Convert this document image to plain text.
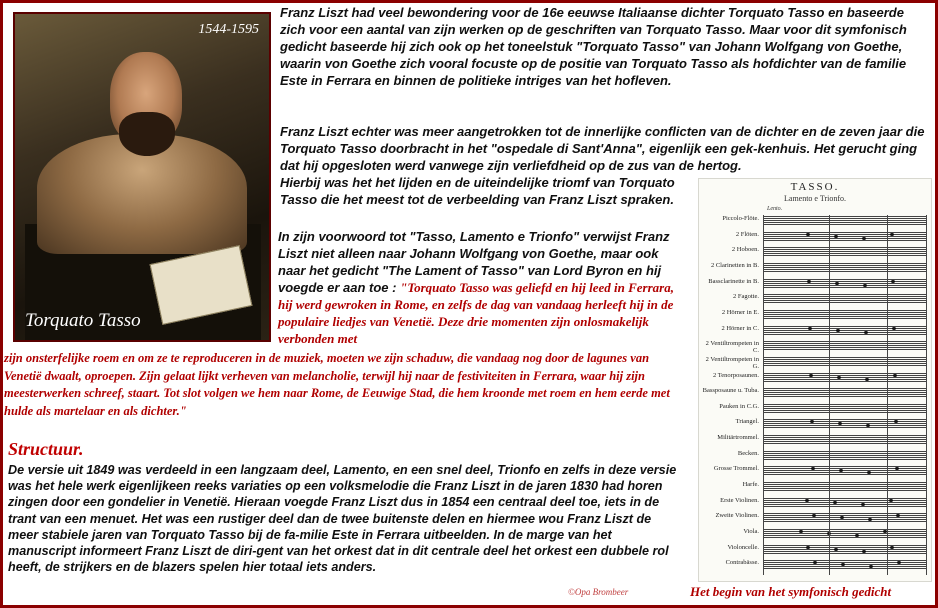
1544-1595
Torquato Tasso

Franz Liszt had veel bewondering voor de 16e eeuwse Italiaanse dichter Torquato Tasso en baseerde zich voor een aantal van zijn werken op de geschriften van Torquato Tasso. Maar voor dit symfonisch gedicht baseerde hij zich ook op het toneelstuk "Torquato Tasso" van Johann Wolfgang von Goethe, waarin von Goethe zich vooral focuste op de positie van Torquato Tasso als hofdichter van de familie Este in Ferrara en binnen de politieke intriges van het hofleven.

Franz Liszt echter was meer aangetrokken tot de innerlijke conflicten van de dichter en de zeven jaar die Torquato Tasso doorbracht in het "ospedale di Sant'Anna", eigenlijk een gek-kenhuis. Het gerucht ging dat hij opgesloten werd vanwege zijn verliefdheid op de zus van de hertog.
Hierbij was het het lijden en de uiteindelijke triomf van Torquato Tasso die het meest tot de verbeelding van Franz Liszt spraken.

In zijn voorwoord tot "Tasso, Lamento e Trionfo" verwijst Franz Liszt niet alleen naar Johann Wolfgang von Goethe, maar ook naar het gedicht "The Lament of Tasso" van Lord Byron en hij voegde er aan toe : "Torquato Tasso was geliefd en hij leed in Ferrara, hij werd gewroken in Rome, en zelfs de dag van vandaag herleeft hij in de populaire liedjes van Venetië. Deze drie momenten zijn onlosmakelijk verbonden met

zijn onsterfelijke roem en om ze te reproduceren in de muziek, moeten we zijn schaduw, die vandaag nog door de lagunes van Venetië dwaalt, oproepen. Zijn gelaat lijkt verheven van melancholie, terwijl hij naar de festiviteiten in Ferrara, waar hij zijn meesterwerken schreef, staart. Tot slot volgen we hem naar Rome, de Eeuwige Stad, die hem kroonde met roem en hem eerde met hulde als martelaar en als dichter."

Structuur.

De versie uit 1849 was verdeeld in een langzaam deel, Lamento, en een snel deel, Trionfo en zelfs in deze versie was het hele werk eigenlijkeen reeks variaties op een volksmelodie die Franz Liszt in de jaren 1830 had horen zingen door een gondelier in Venetië. Hieraan voegde Franz Liszt dus in 1854 een centraal deel toe, iets in de trant van een menuet. Het was een rustiger deel dan de twee buitenste delen en hiermee wou Franz Liszt de meer stabiele jaren van Torquato Tasso bij de fa-milie Este in Ferrara uitbeelden. In de marge van het manuscript informeert Franz Liszt de diri-gent van het orkest dat in dit centrale deel het orkest een dubbele rol heeft, de strijkers en de blazers spelen hier totaal iets anders.

©Opa Brombeer
TASSO.
Lamento e Trionfo.
Lento.
Piccolo-Flöte.
2 Flöten.
2 Hoboen.
2 Clarinetten in B.
Bassclarinette in B.
2 Fagotte.
2 Hörner in E.
2 Hörner in C.
2 Ventiltrompeten in C.
2 Ventiltrompeten in G.
2 Tenorposaunen.
Bassposaune u. Tuba.
Pauken in C.G.
Triangel.
Militärtrommel.
Becken.
Grosse Trommel.
Harfe.
Erste Violinen.
Zweite Violinen.
Viola.
Violoncelle.
Contrabässe.
Het begin van het symfonisch gedicht
